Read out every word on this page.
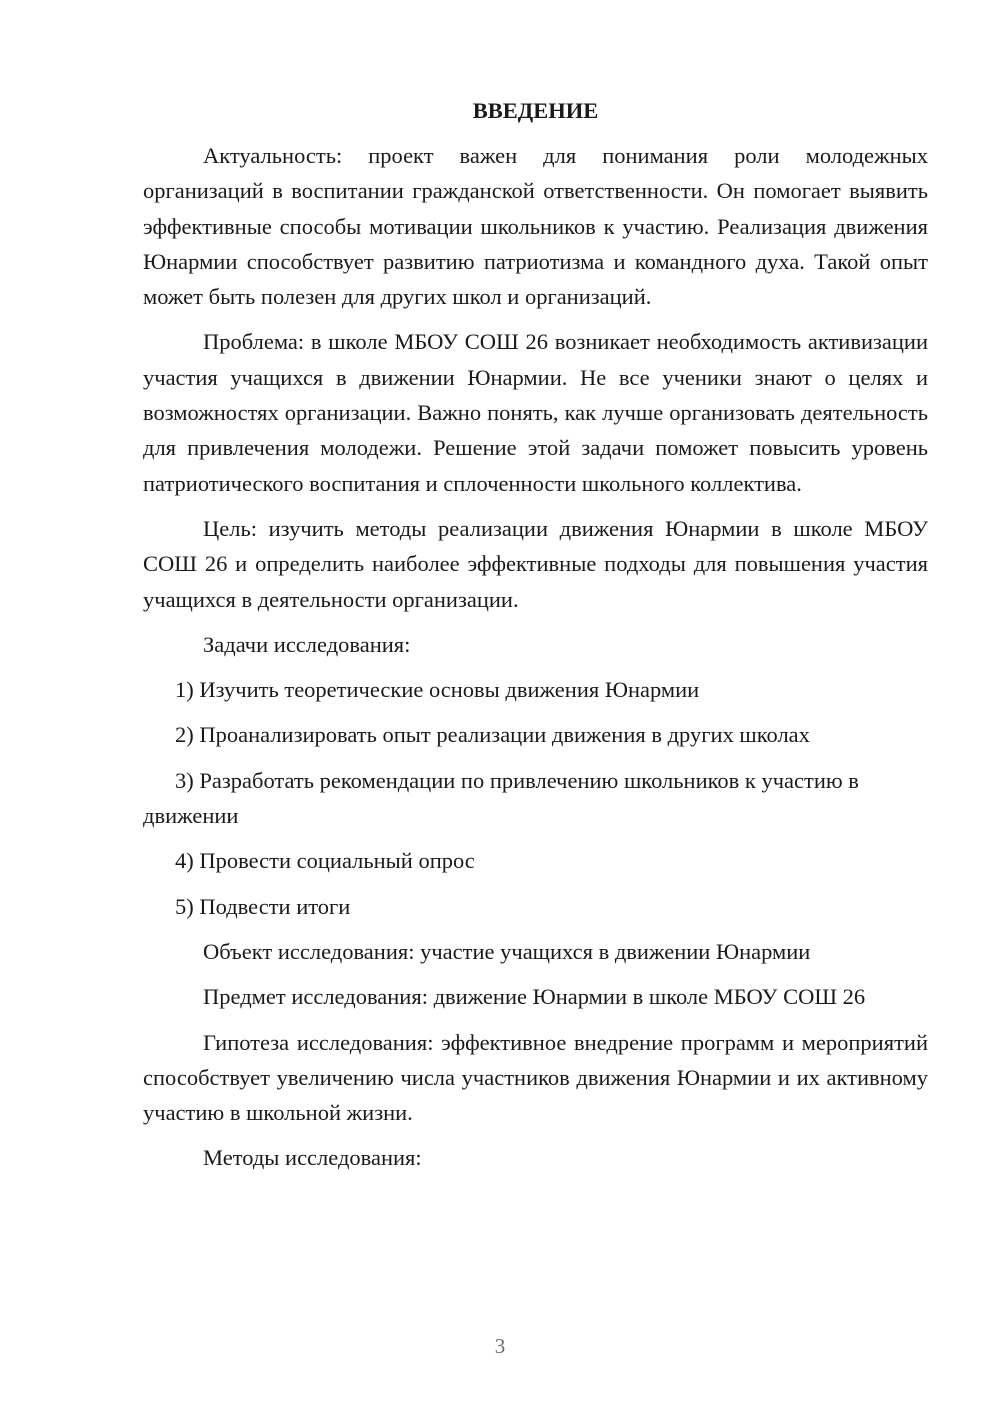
ВВЕДЕНИЕ

Актуальность: проект важен для понимания роли молодежных организаций в воспитании гражданской ответственности. Он помогает выявить эффективные способы мотивации школьников к участию. Реализация движения Юнармии способствует развитию патриотизма и командного духа. Такой опыт может быть полезен для других школ и организаций.

Проблема: в школе МБОУ СОШ 26 возникает необходимость активизации участия учащихся в движении Юнармии. Не все ученики знают о целях и возможностях организации. Важно понять, как лучше организовать деятельность для привлечения молодежи. Решение этой задачи поможет повысить уровень патриотического воспитания и сплоченности школьного коллектива.

Цель: изучить методы реализации движения Юнармии в школе МБОУ СОШ 26 и определить наиболее эффективные подходы для повышения участия учащихся в деятельности организации.

Задачи исследования:

1) Изучить теоретические основы движения Юнармии

2) Проанализировать опыт реализации движения в других школах

3) Разработать рекомендации по привлечению школьников к участию в движении

4) Провести социальный опрос

5) Подвести итоги

Объект исследования: участие учащихся в движении Юнармии

Предмет исследования: движение Юнармии в школе МБОУ СОШ 26

Гипотеза исследования: эффективное внедрение программ и мероприятий способствует увеличению числа участников движения Юнармии и их активному участию в школьной жизни.

Методы исследования:

3
